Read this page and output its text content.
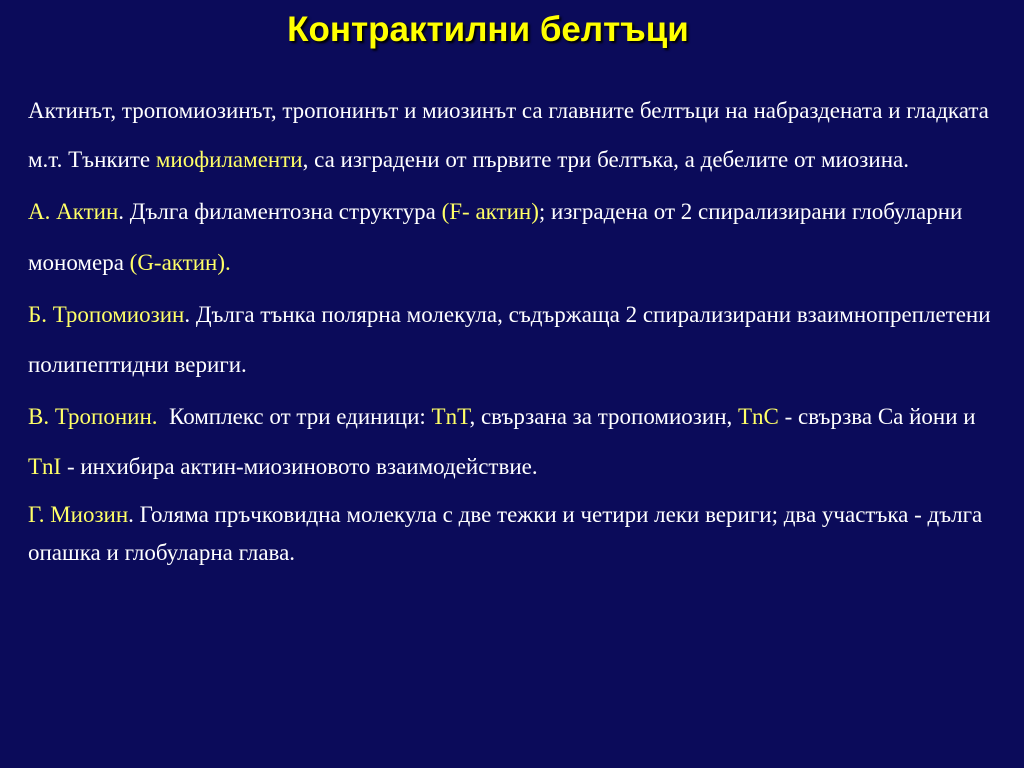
Контрактилни белтъци

Актинът, тропомиозинът, тропонинът и миозинът са главните белтъци на набраздената и гладката м.т. Тънките миофиламенти, са изградени от първите три белтъка, а дебелите от миозина.

А. Актин. Дълга филаментозна структура (F- актин); изградена от 2 спирализирани глобуларни мономера (G-актин).

Б. Тропомиозин. Дълга тънка полярна молекула, съдържаща 2 спирализирани взаимнопреплетени полипептидни вериги.

В. Тропонин.  Комплекс от три единици: TnT, свързана за тропомиозин, TnC - свързва Са йони и TnI - инхибира актин-миозиновото взаимодействие.

Г. Миозин. Голяма пръчковидна молекула с две тежки и четири леки вериги; два участъка - дълга опашка и глобуларна глава.
